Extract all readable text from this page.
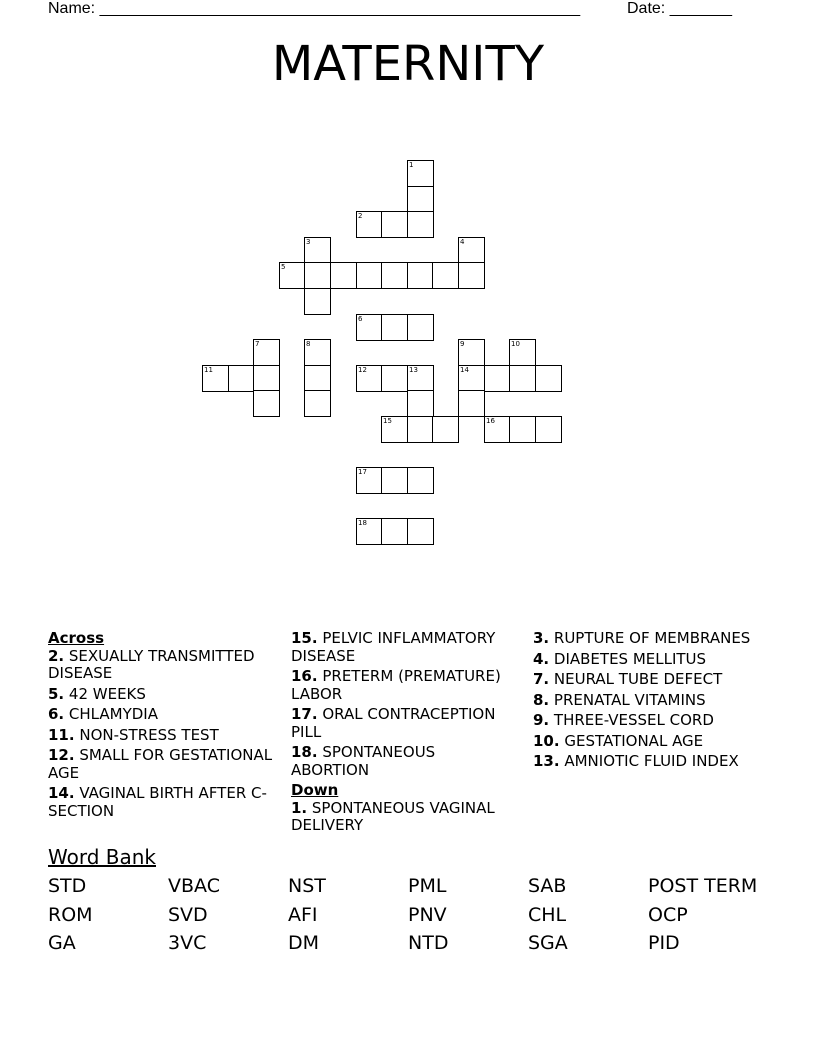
Name: ______________________________________________________	Date: _______
MATERNITY
1
2
3	4
5
6
7	8	9	10
11	12	13	14
15	16
17
18
Across
2. SEXUALLY TRANSMITTED DISEASE
5. 42 WEEKS
6. CHLAMYDIA
11. NON-STRESS TEST
12. SMALL FOR GESTATIONAL AGE
14. VAGINAL BIRTH AFTER C-SECTION
15. PELVIC INFLAMMATORY DISEASE
16. PRETERM (PREMATURE) LABOR
17. ORAL CONTRACEPTION PILL
18. SPONTANEOUS ABORTION
Down
1. SPONTANEOUS VAGINAL DELIVERY
3. RUPTURE OF MEMBRANES
4. DIABETES MELLITUS
7. NEURAL TUBE DEFECT
8. PRENATAL VITAMINS
9. THREE-VESSEL CORD
10. GESTATIONAL AGE
13. AMNIOTIC FLUID INDEX
Word Bank
STD	VBAC	NST	PML	SAB	POST TERM
ROM	SVD	AFI	PNV	CHL	OCP
GA	3VC	DM	NTD	SGA	PID
